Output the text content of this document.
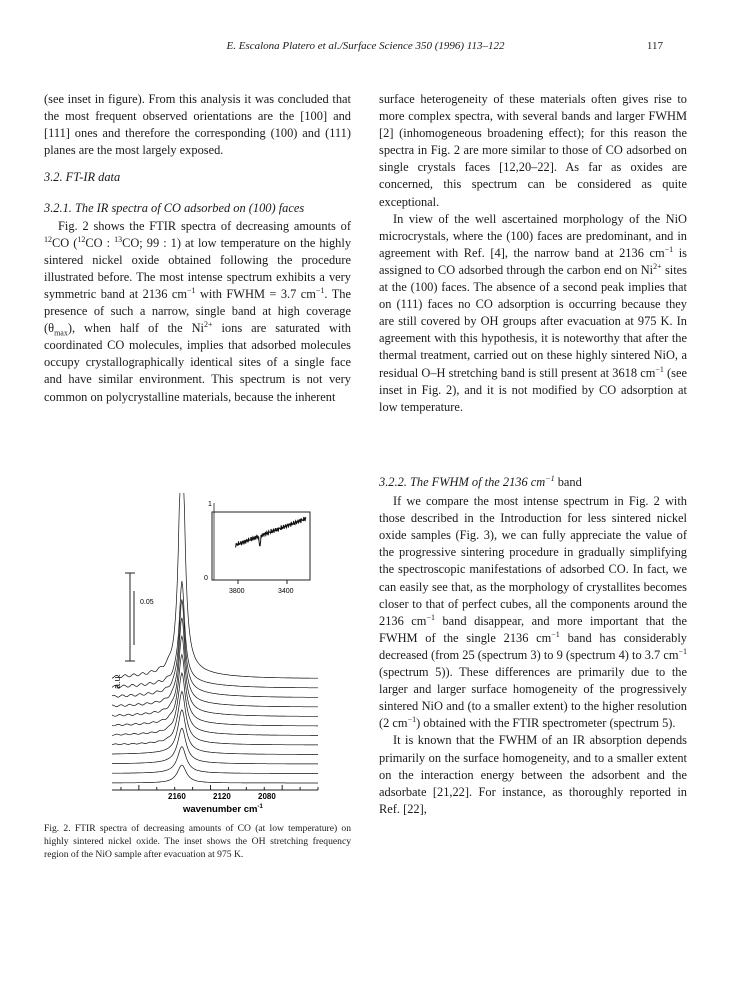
E. Escalona Platero et al./Surface Science 350 (1996) 113–122	117

(see inset in figure). From this analysis it was concluded that the most frequent observed orientations are the [100] and [111] ones and therefore the corresponding (100) and (111) planes are the most largely exposed.

3.2. FT-IR data

3.2.1. The IR spectra of CO adsorbed on (100) faces

Fig. 2 shows the FTIR spectra of decreasing amounts of $^{12}$CO ($^{12}$CO : $^{13}$CO; 99 : 1) at low temperature on the highly sintered nickel oxide obtained following the procedure illustrated before. The most intense spectrum exhibits a very symmetric band at 2136 $cm^{-1}$ with FWHM = 3.7 $cm^{-1}$. The presence of such a narrow, single band at high coverage $(\theta_{max})$, when half of the $Ni^{2+}$ ions are saturated with coordinated CO molecules, implies that adsorbed molecules occupy crystallographically identical sites of a single face and have similar environment. This spectrum is not very common on polycrystalline materials, because the inherent

surface heterogeneity of these materials often gives rise to more complex spectra, with several bands and larger FWHM [2] (inhomogeneous broadening effect); for this reason the spectra in Fig. 2 are more similar to those of CO adsorbed on single crystals faces [12,20–22]. As far as oxides are concerned, this spectrum can be considered as quite exceptional.

In view of the well ascertained morphology of the NiO microcrystals, where the (100) faces are predominant, and in agreement with Ref. [4], the narrow band at 2136 $cm^{-1}$ is assigned to CO adsorbed through the carbon end on $Ni^{2+}$ sites at the (100) faces. The absence of a second peak implies that on (111) faces no CO adsorption is occurring because they are still covered by OH groups after evacuation at 975 K. In agreement with this hypothesis, it is noteworthy that after the thermal treatment, carried out on these highly sintered NiO, a residual O–H stretching band is still present at 3618 $cm^{-1}$ (see inset in Fig. 2), and it is not modified by CO adsorption at low temperature.

3.2.2. The FWHM of the 2136 $cm^{-1}$ band

If we compare the most intense spectrum in Fig. 2 with those described in the Introduction for less sintered nickel oxide samples (Fig. 3), we can fully appreciate the value of the progressive sintering procedure in gradually simplifying the spectroscopic manifestations of adsorbed CO. In fact, we can easily see that, as the morphology of crystallites becomes closer to that of perfect cubes, all the components around the 2136 $cm^{-1}$ band disappear, and more important that the FWHM of the single 2136 $cm^{-1}$ band has considerably decreased (from 25 (spectrum 3) to 9 (spectrum 4) to 3.7 $cm^{-1}$ (spectrum 5)). These differences are primarily due to the larger and larger surface homogeneity of the progressively sintered NiO and (to a smaller extent) to the higher resolution (2 $cm^{-1}$) obtained with the FTIR spectrometer (spectrum 5).

It is known that the FWHM of an IR absorption depends primarily on the surface homogeneity, and to a smaller extent on the interaction energy between the adsorbent and the adsorbate [21,22]. For instance, as thoroughly reported in Ref. [22],

0.05
1
0
3800	3400
a.u.
2160	2120	2080
wavenumber $cm^{-1}$
Fig. 2. FTIR spectra of decreasing amounts of CO (at low temperature) on highly sintered nickel oxide. The inset shows the OH stretching frequency region of the NiO sample after evacuation at 975 K.
